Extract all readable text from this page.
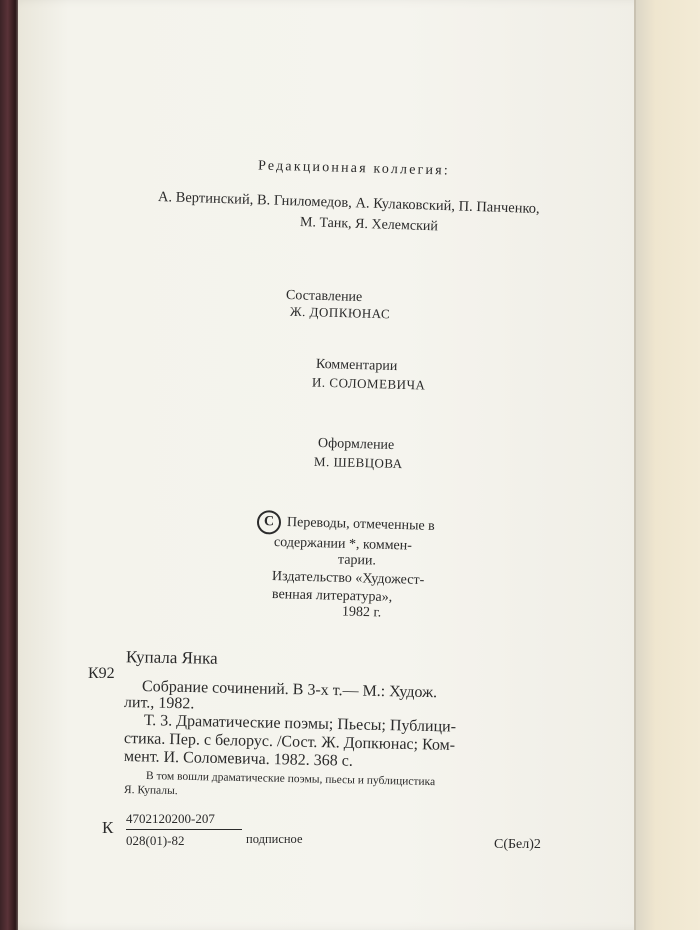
Редакционная коллегия:
А. Вертинский, В. Гниломедов, А. Кулаковский, П. Панченко,
М. Танк, Я. Хелемский
Составление
Ж. ДОПКЮНАС
Комментарии
И. СОЛОМЕВИЧА
Оформление
М. ШЕВЦОВА
C Переводы, отмеченные в
содержании *, коммен-
тарии.
Издательство «Художест-
венная литература»,
1982 г.
Купала Янка
К92
Собрание сочинений. В 3-х т.— М.: Худож.
лит., 1982.
Т. 3. Драматические поэмы; Пьесы; Публици-
стика. Пер. с белорус. /Сост. Ж. Допкюнас; Ком-
мент. И. Соломевича. 1982. 368 с.
В том вошли драматические поэмы, пьесы и публицистика
Я. Купалы.
К 4702120200-207
028(01)-82	подписное	С(Бел)2
